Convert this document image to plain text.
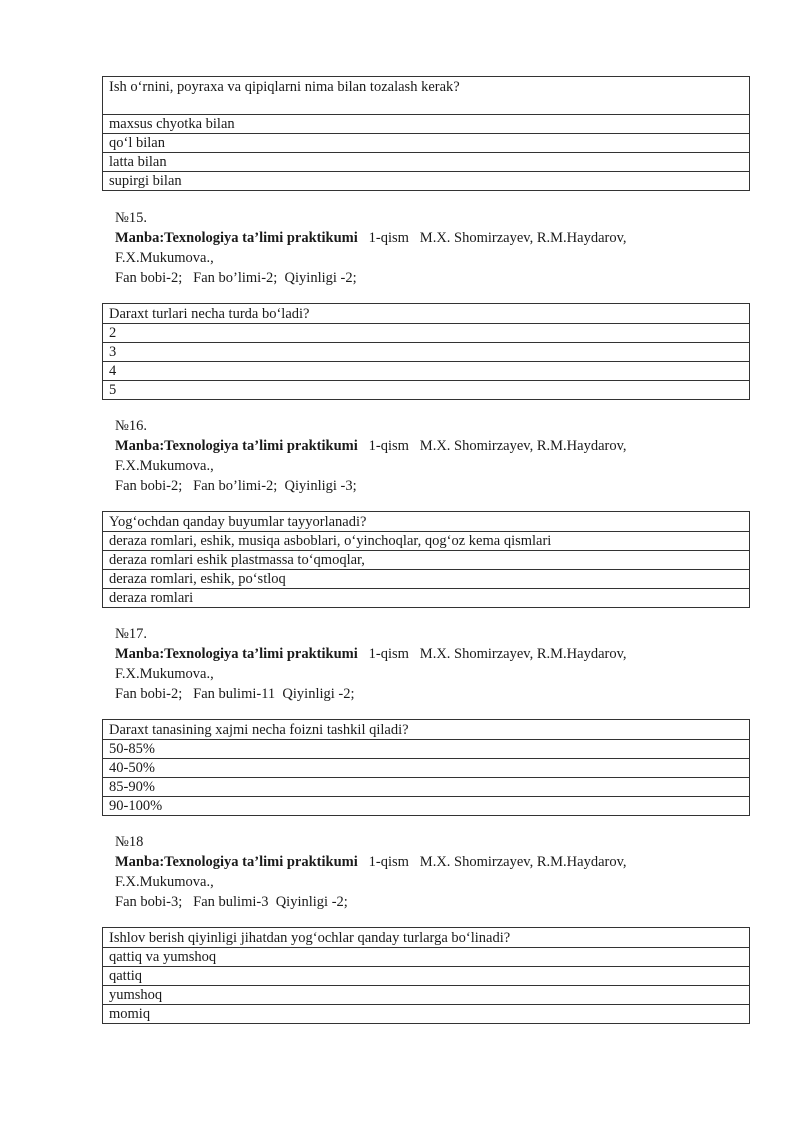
Ish o‘rnini, poyraxa va qipiqlarni nima bilan tozalash kerak?
maxsus chyotka bilan
qo‘l bilan
latta bilan
supirgi bilan
№15.
Manba:Texnologiya ta’limi praktikumi   1-qism   M.X. Shomirzayev, R.M.Haydarov,
F.X.Mukumova.,
Fan bobi-2;   Fan bo’limi-2;  Qiyinligi -2;
Daraxt turlari necha turda bo‘ladi?
2
3
4
5
№16.
Manba:Texnologiya ta’limi praktikumi   1-qism   M.X. Shomirzayev, R.M.Haydarov,
F.X.Mukumova.,
Fan bobi-2;   Fan bo’limi-2;  Qiyinligi -3;
Yog‘ochdan qanday buyumlar tayyorlanadi?
deraza romlari, eshik, musiqa asboblari, o‘yinchoqlar, qog‘oz kema qismlari
deraza romlari eshik plastmassa to‘qmoqlar,
deraza romlari, eshik, po‘stloq
deraza romlari
№17.
Manba:Texnologiya ta’limi praktikumi   1-qism   M.X. Shomirzayev, R.M.Haydarov,
F.X.Mukumova.,
Fan bobi-2;   Fan bulimi-11  Qiyinligi -2;
Daraxt tanasining xajmi necha foizni tashkil qiladi?
50-85%
40-50%
85-90%
90-100%
№18
Manba:Texnologiya ta’limi praktikumi   1-qism   M.X. Shomirzayev, R.M.Haydarov,
F.X.Mukumova.,
Fan bobi-3;   Fan bulimi-3  Qiyinligi -2;
Ishlov berish qiyinligi jihatdan yog‘ochlar qanday turlarga bo‘linadi?
qattiq va yumshoq
qattiq
yumshoq
momiq
